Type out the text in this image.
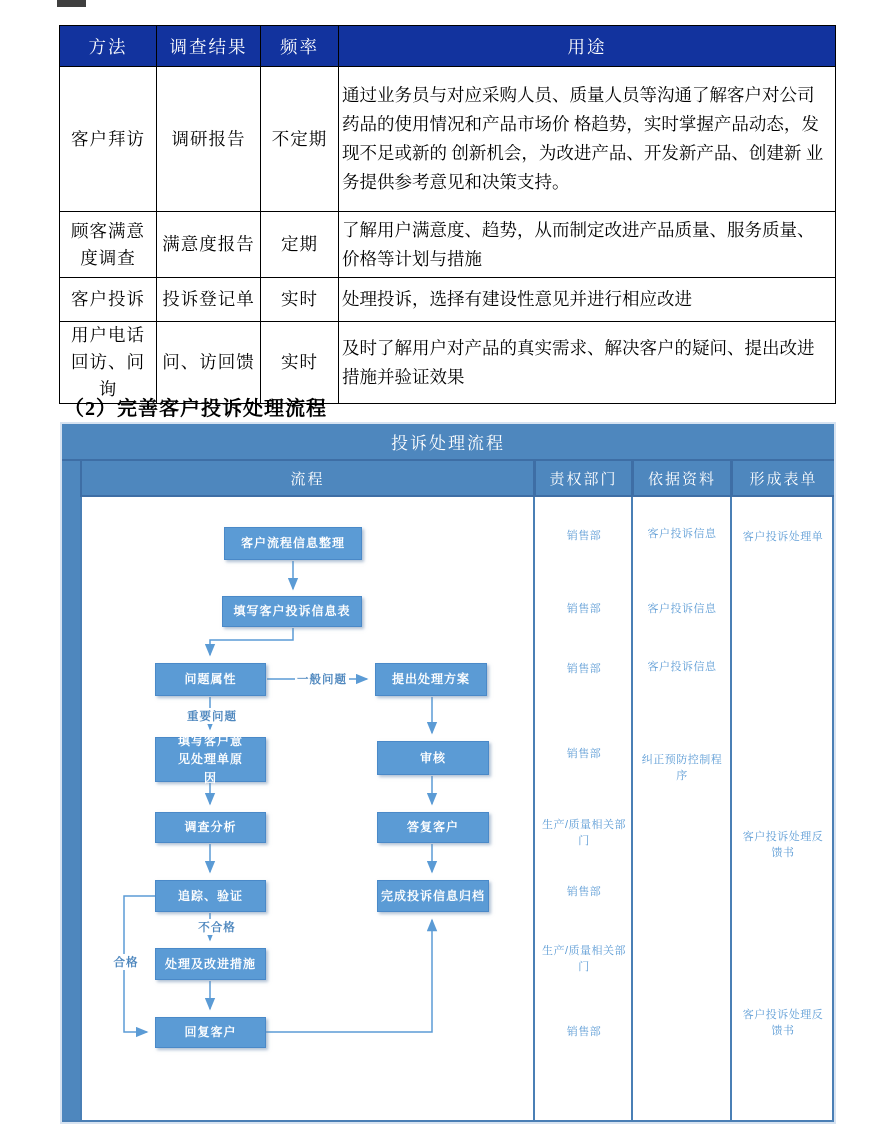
方法	调查结果	频率	用途
客户拜访	调研报告	不定期	通过业务员与对应采购人员、质量人员等沟通了解客户对公司药品的使用情况和产品市场价 格趋势，实时掌握产品动态，发现不足或新的 创新机会，为改进产品、开发新产品、创建新 业务提供参考意见和决策支持。
顾客满意度调查	满意度报告	定期	了解用户满意度、趋势，从而制定改进产品质量、服务质量、价格等计划与措施
客户投诉	投诉登记单	实时	处理投诉，选择有建设性意见并进行相应改进
用户电话回访、问询	问、访回馈	实时	及时了解用户对产品的真实需求、解决客户的疑问、提出改进措施并验证效果
（2）完善客户投诉处理流程
投诉处理流程
流程	责权部门	依据资料	形成表单
客户流程信息整理
填写客户投诉信息表
问题属性	提出处理方案
填写客户意见处理单原因
审核
调查分析	答复客户
追踪、验证	完成投诉信息归档
处理及改进措施
回复客户
一般问题
重要问题
不合格
合格
销售部
销售部
销售部
销售部
生产/质量相关部门
销售部
生产/质量相关部门
销售部
客户投诉信息
客户投诉信息
客户投诉信息
纠正预防控制程序
客户投诉处理单
客户投诉处理反馈书
客户投诉处理反馈书
